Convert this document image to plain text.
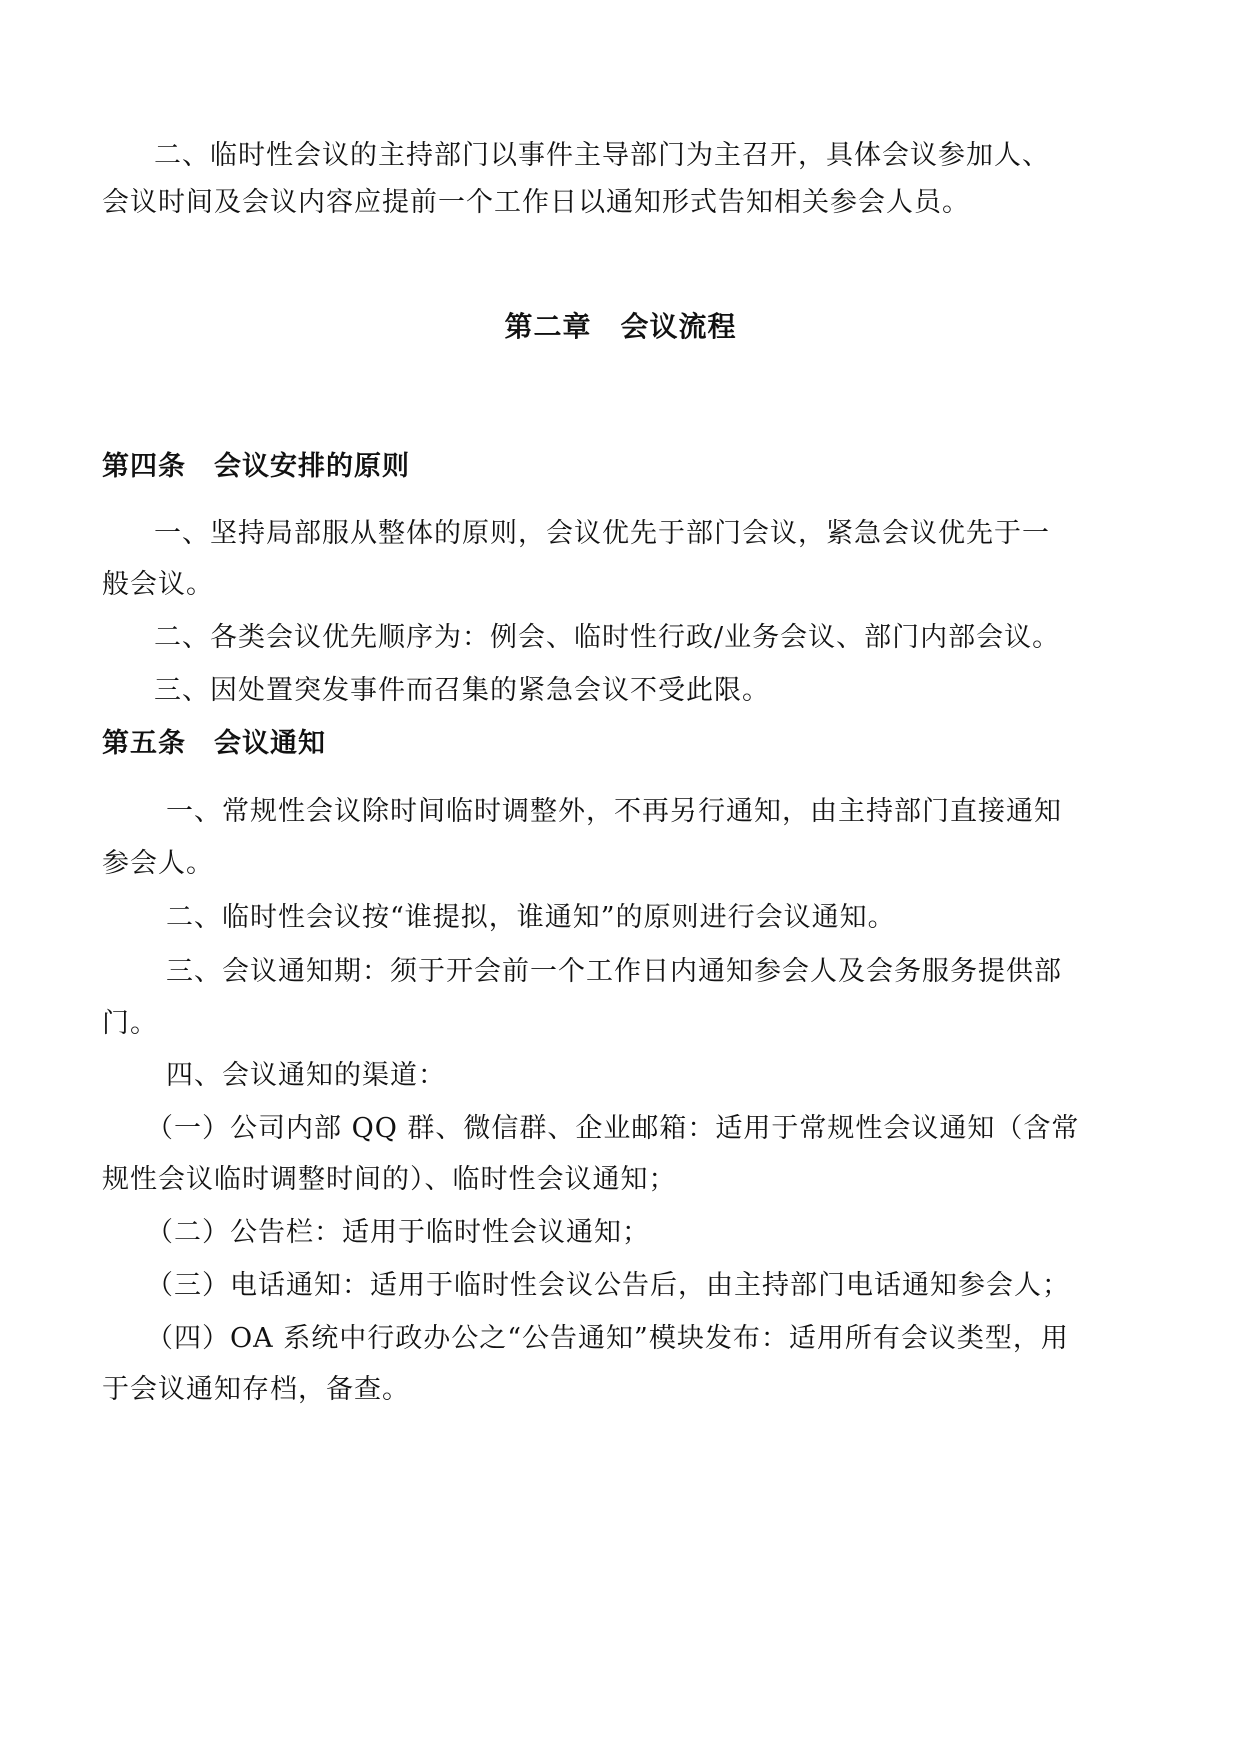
二、临时性会议的主持部门以事件主导部门为主召开，具体会议参加人、
会议时间及会议内容应提前一个工作日以通知形式告知相关参会人员。
第二章　会议流程
第四条　会议安排的原则
一、坚持局部服从整体的原则，会议优先于部门会议，紧急会议优先于一
般会议。
二、各类会议优先顺序为：例会、临时性行政/业务会议、部门内部会议。
三、因处置突发事件而召集的紧急会议不受此限。
第五条　会议通知
一、常规性会议除时间临时调整外，不再另行通知，由主持部门直接通知
参会人。
二、临时性会议按“谁提拟，谁通知”的原则进行会议通知。
三、会议通知期：须于开会前一个工作日内通知参会人及会务服务提供部
门。
四、会议通知的渠道：
（一）公司内部 QQ 群、微信群、企业邮箱：适用于常规性会议通知（含常
规性会议临时调整时间的）、临时性会议通知；
（二）公告栏：适用于临时性会议通知；
（三）电话通知：适用于临时性会议公告后，由主持部门电话通知参会人；
（四）OA 系统中行政办公之“公告通知”模块发布：适用所有会议类型，用
于会议通知存档，备查。
